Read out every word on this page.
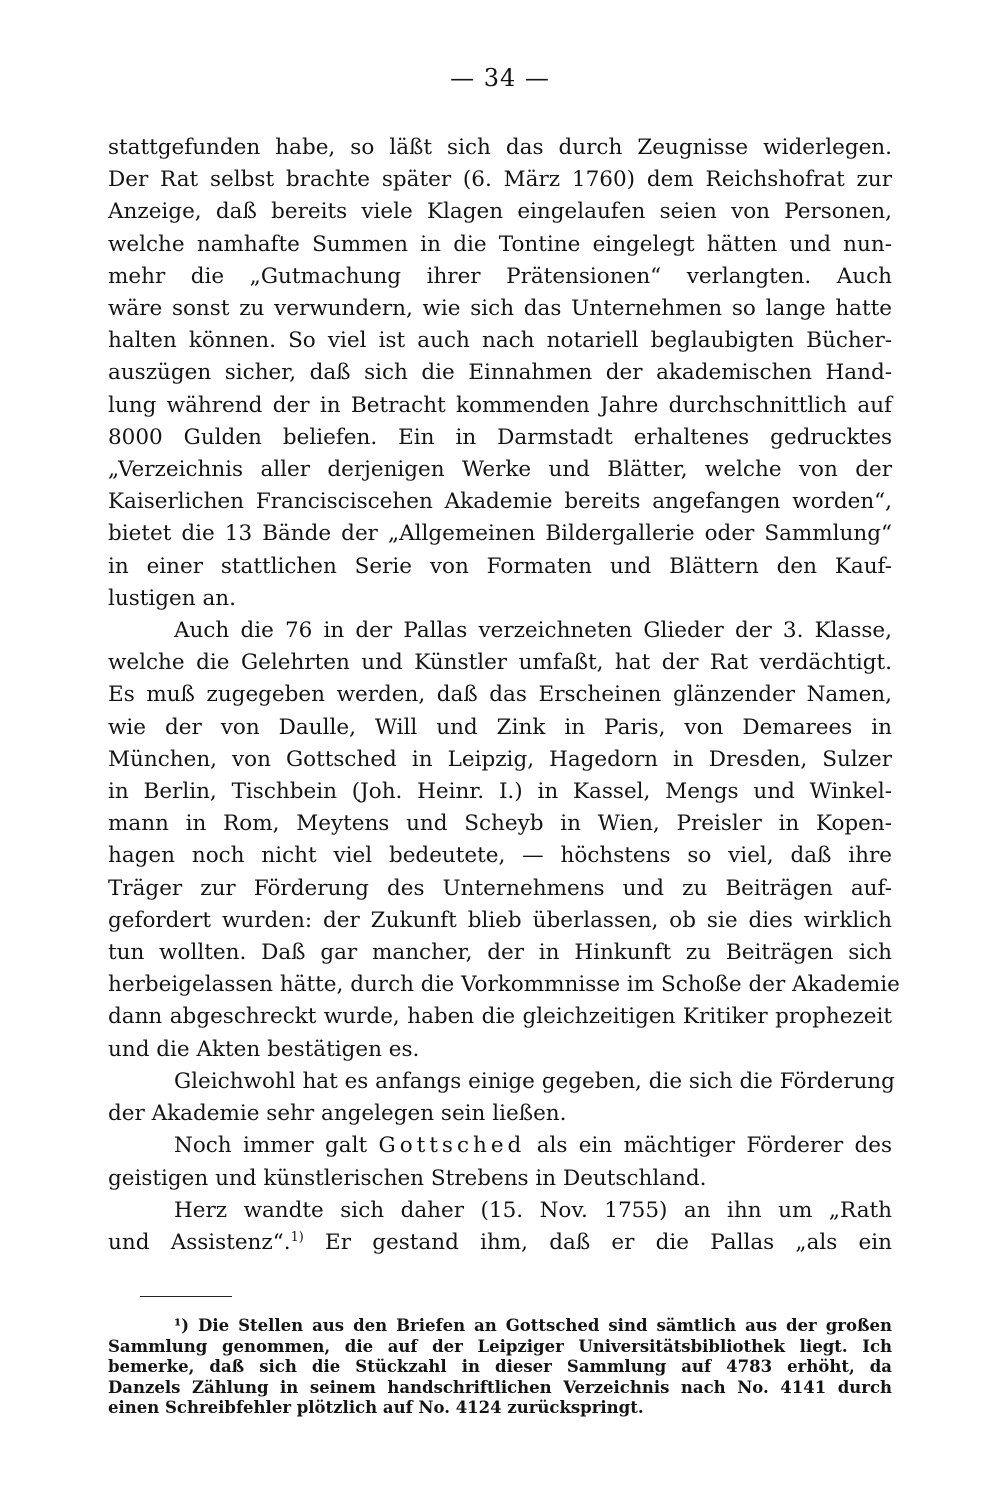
— 34 —

stattgefunden habe, so läßt sich das durch Zeugnisse widerlegen.
Der Rat selbst brachte später (6. März 1760) dem Reichshofrat zur
Anzeige, daß bereits viele Klagen eingelaufen seien von Personen,
welche namhafte Summen in die Tontine eingelegt hätten und nun-
mehr die „Gutmachung ihrer Prätensionen“ verlangten. Auch
wäre sonst zu verwundern, wie sich das Unternehmen so lange hatte
halten können. So viel ist auch nach notariell beglaubigten Bücher-
auszügen sicher, daß sich die Einnahmen der akademischen Hand-
lung während der in Betracht kommenden Jahre durchschnittlich auf
8000 Gulden beliefen. Ein in Darmstadt erhaltenes gedrucktes
„Verzeichnis aller derjenigen Werke und Blätter, welche von der
Kaiserlichen Francisciscehen Akademie bereits angefangen worden“,
bietet die 13 Bände der „Allgemeinen Bildergallerie oder Sammlung“
in einer stattlichen Serie von Formaten und Blättern den Kauf-
lustigen an.

Auch die 76 in der Pallas verzeichneten Glieder der 3. Klasse,
welche die Gelehrten und Künstler umfaßt, hat der Rat verdächtigt.
Es muß zugegeben werden, daß das Erscheinen glänzender Namen,
wie der von Daulle, Will und Zink in Paris, von Demarees in
München, von Gottsched in Leipzig, Hagedorn in Dresden, Sulzer
in Berlin, Tischbein (Joh. Heinr. I.) in Kassel, Mengs und Winkel-
mann in Rom, Meytens und Scheyb in Wien, Preisler in Kopen-
hagen noch nicht viel bedeutete, — höchstens so viel, daß ihre
Träger zur Förderung des Unternehmens und zu Beiträgen auf-
gefordert wurden: der Zukunft blieb überlassen, ob sie dies wirklich
tun wollten. Daß gar mancher, der in Hinkunft zu Beiträgen sich
herbeigelassen hätte, durch die Vorkommnisse im Schoße der Akademie
dann abgeschreckt wurde, haben die gleichzeitigen Kritiker prophezeit
und die Akten bestätigen es.

Gleichwohl hat es anfangs einige gegeben, die sich die Förderung
der Akademie sehr angelegen sein ließen.

Noch immer galt Gottsched als ein mächtiger Förderer des
geistigen und künstlerischen Strebens in Deutschland.

Herz wandte sich daher (15. Nov. 1755) an ihn um „Rath
und Assistenz“.$^{1)}$ Er gestand ihm, daß er die Pallas „als ein

¹) Die Stellen aus den Briefen an Gottsched sind sämtlich aus der großen
Sammlung genommen, die auf der Leipziger Universitätsbibliothek liegt. Ich
bemerke, daß sich die Stückzahl in dieser Sammlung auf 4783 erhöht, da
Danzels Zählung in seinem handschriftlichen Verzeichnis nach No. 4141 durch
einen Schreibfehler plötzlich auf No. 4124 zurückspringt.
